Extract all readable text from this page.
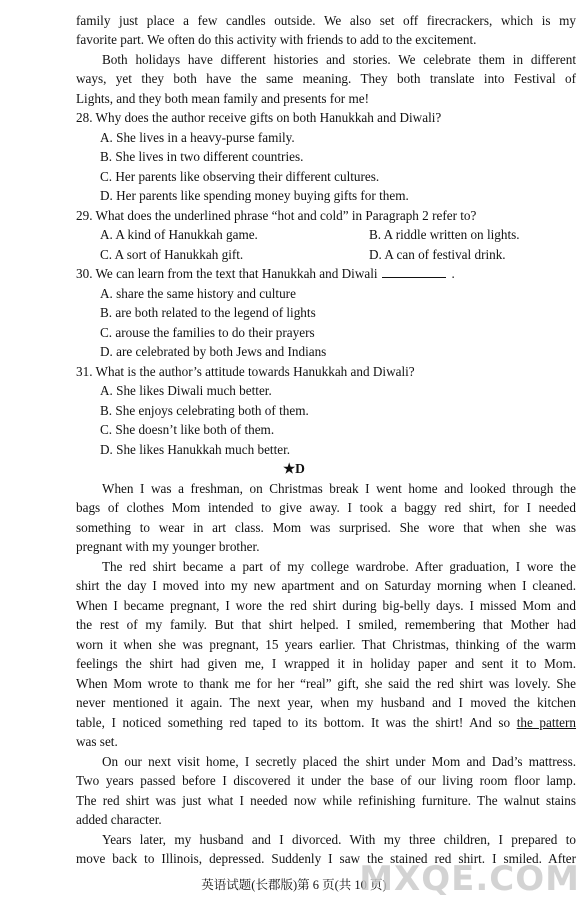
family just place a few candles outside. We also set off firecrackers, which is my
favorite part. We often do this activity with friends to add to the excitement.
Both holidays have different histories and stories. We celebrate them in different
ways, yet they both have the same meaning. They both translate into Festival of
Lights, and they both mean family and presents for me!
28. Why does the author receive gifts on both Hanukkah and Diwali?
A. She lives in a heavy-purse family.
B. She lives in two different countries.
C. Her parents like observing their different cultures.
D. Her parents like spending money buying gifts for them.
29. What does the underlined phrase “hot and cold” in Paragraph 2 refer to?
A. A kind of Hanukkah game.	B. A riddle written on lights.
C. A sort of Hanukkah gift.	D. A can of festival drink.
30. We can learn from the text that Hanukkah and Diwali	.
A. share the same history and culture
B. are both related to the legend of lights
C. arouse the families to do their prayers
D. are celebrated by both Jews and Indians
31. What is the author’s attitude towards Hanukkah and Diwali?
A. She likes Diwali much better.
B. She enjoys celebrating both of them.
C. She doesn’t like both of them.
D. She likes Hanukkah much better.
★D
When I was a freshman, on Christmas break I went home and looked through the
bags of clothes Mom intended to give away. I took a baggy red shirt, for I needed
something to wear in art class. Mom was surprised. She wore that when she was
pregnant with my younger brother.
The red shirt became a part of my college wardrobe. After graduation, I wore the
shirt the day I moved into my new apartment and on Saturday morning when I cleaned.
When I became pregnant, I wore the red shirt during big-belly days. I missed Mom and
the rest of my family. But that shirt helped. I smiled, remembering that Mother had
worn it when she was pregnant, 15 years earlier. That Christmas, thinking of the warm
feelings the shirt had given me, I wrapped it in holiday paper and sent it to Mom.
When Mom wrote to thank me for her “real” gift, she said the red shirt was lovely. She
never mentioned it again. The next year, when my husband and I moved the kitchen
table, I noticed something red taped to its bottom. It was the shirt! And so the pattern
was set.
On our next visit home, I secretly placed the shirt under Mom and Dad’s mattress.
Two years passed before I discovered it under the base of our living room floor lamp.
The red shirt was just what I needed now while refinishing furniture. The walnut stains
added character.
Years later, my husband and I divorced. With my three children, I prepared to
move back to Illinois, depressed. Suddenly I saw the stained red shirt. I smiled. After
英语试题(长郡版)第 6 页(共 10 页)
MXQE.COM
